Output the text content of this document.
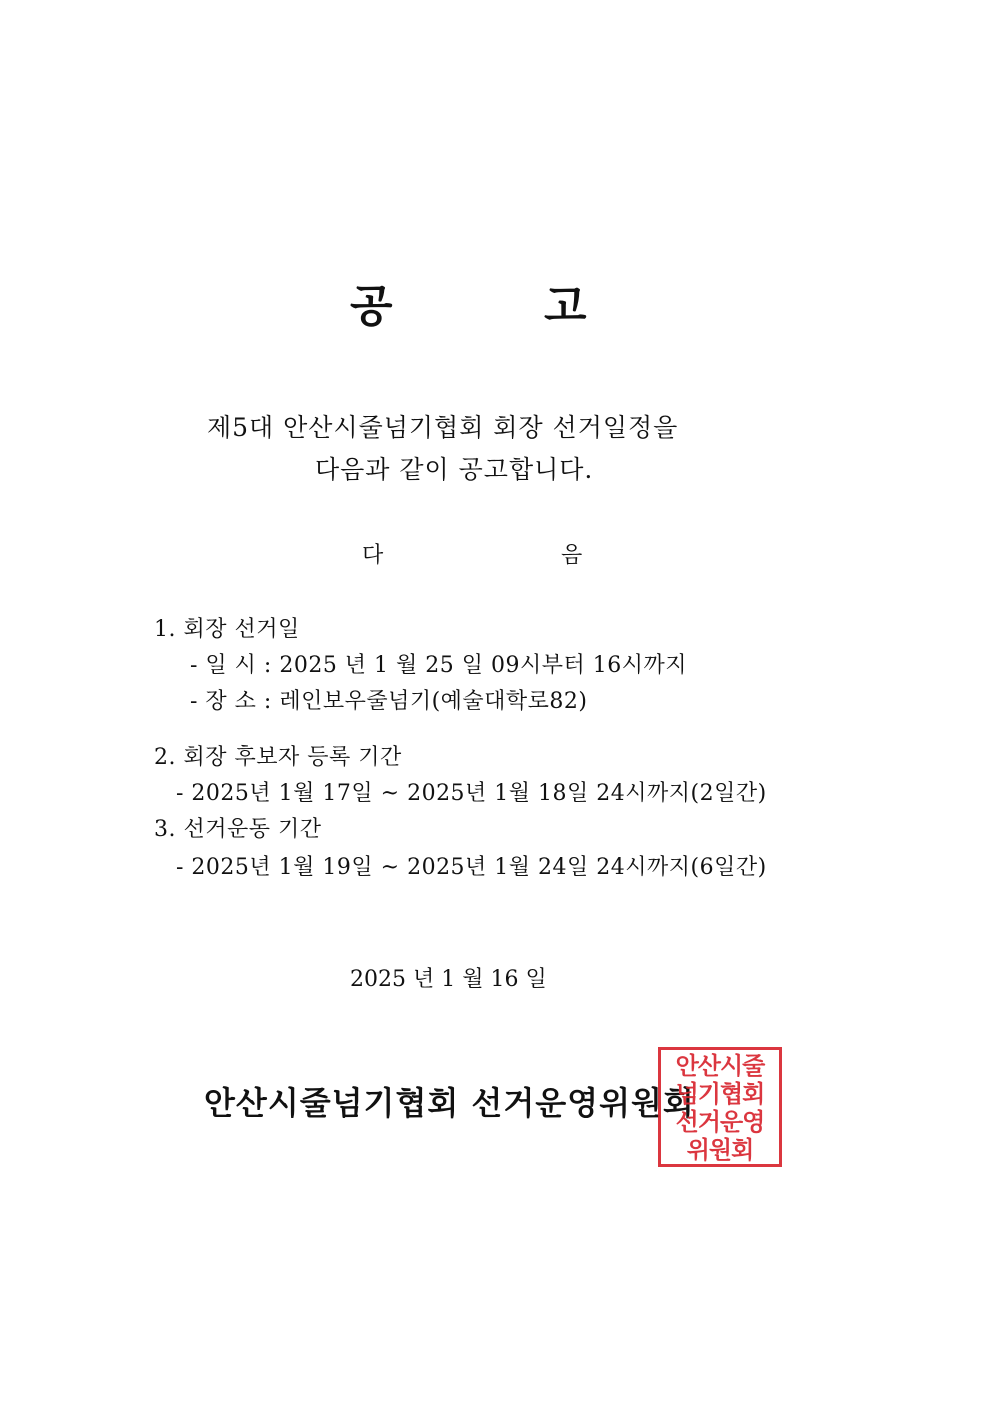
공	고
제5대 안산시줄넘기협회 회장 선거일정을
다음과 같이 공고합니다.
다	음
1. 회장 선거일
- 일 시 : 2025 년 1 월 25 일 09시부터 16시까지
- 장 소 : 레인보우줄넘기(예술대학로82)
2. 회장 후보자 등록 기간
- 2025년 1월 17일 ~ 2025년 1월 18일 24시까지(2일간)
3. 선거운동 기간
- 2025년 1월 19일 ~ 2025년 1월 24일 24시까지(6일간)
2025 년 1 월 16 일
안산시줄넘기협회 선거운영위원회
안산시줄
넘기협회
선거운영
위원회
